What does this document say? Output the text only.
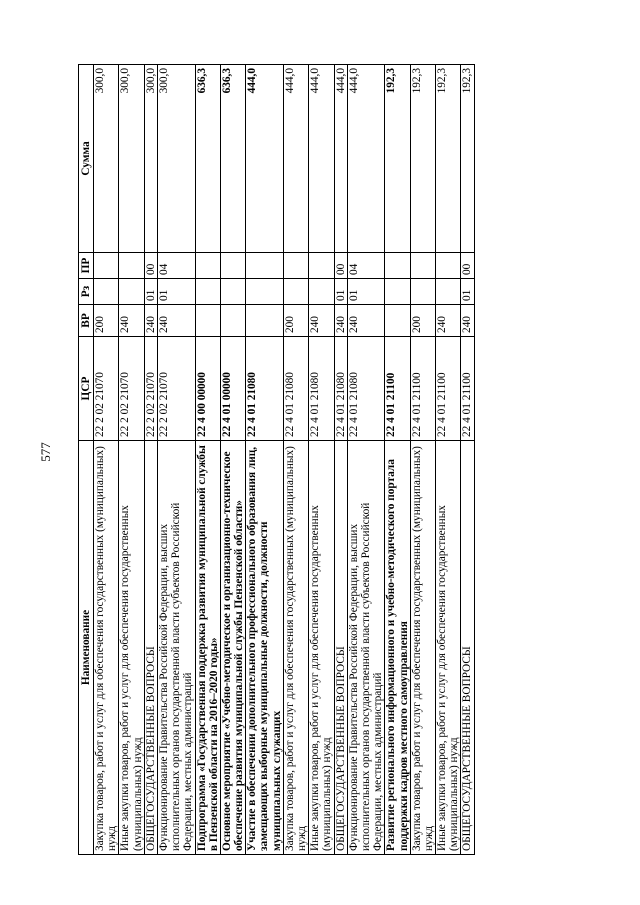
577
Наименование	ЦСР	ВР	Рз	ПР	Сумма
Закупка товаров, работ и услуг для обеспечения государственных (муниципальных) нужд	22 2 02 21070	200			300,0
Иные закупки товаров, работ и услуг для обеспечения государственных (муниципальных) нужд	22 2 02 21070	240			300,0
ОБЩЕГОСУДАРСТВЕННЫЕ ВОПРОСЫ	22 2 02 21070	240	01	00	300,0
Функционирование Правительства Российской Федерации, высших исполнительных органов государственной власти субъектов Российской Федерации, местных администраций	22 2 02 21070	240	01	04	300,0
Подпрограмма «Государственная поддержка развития муниципальной службы в Пензенской области на 2016–2020 годы»	22 4 00 00000				636,3
Основное мероприятие «Учебно-методическое и организационно-техническое обеспечение развития муниципальной службы Пензенской области»	22 4 01 00000				636,3
Участие в обеспечении дополнительного профессионального образования лиц, замещающих выборные муниципальные должности, должности муниципальных служащих	22 4 01 21080				444,0
Закупка товаров, работ и услуг для обеспечения государственных (муниципальных) нужд	22 4 01 21080	200			444,0
Иные закупки товаров, работ и услуг для обеспечения государственных (муниципальных) нужд	22 4 01 21080	240			444,0
ОБЩЕГОСУДАРСТВЕННЫЕ ВОПРОСЫ	22 4 01 21080	240	01	00	444,0
Функционирование Правительства Российской Федерации, высших исполнительных органов государственной власти субъектов Российской Федерации, местных администраций	22 4 01 21080	240	01	04	444,0
Развитие регионального информационного и учебно-методического портала поддержки кадров местного самоуправления	22 4 01 21100				192,3
Закупка товаров, работ и услуг для обеспечения государственных (муниципальных) нужд	22 4 01 21100	200			192,3
Иные закупки товаров, работ и услуг для обеспечения государственных (муниципальных) нужд	22 4 01 21100	240			192,3
ОБЩЕГОСУДАРСТВЕННЫЕ ВОПРОСЫ	22 4 01 21100	240	01	00	192,3
